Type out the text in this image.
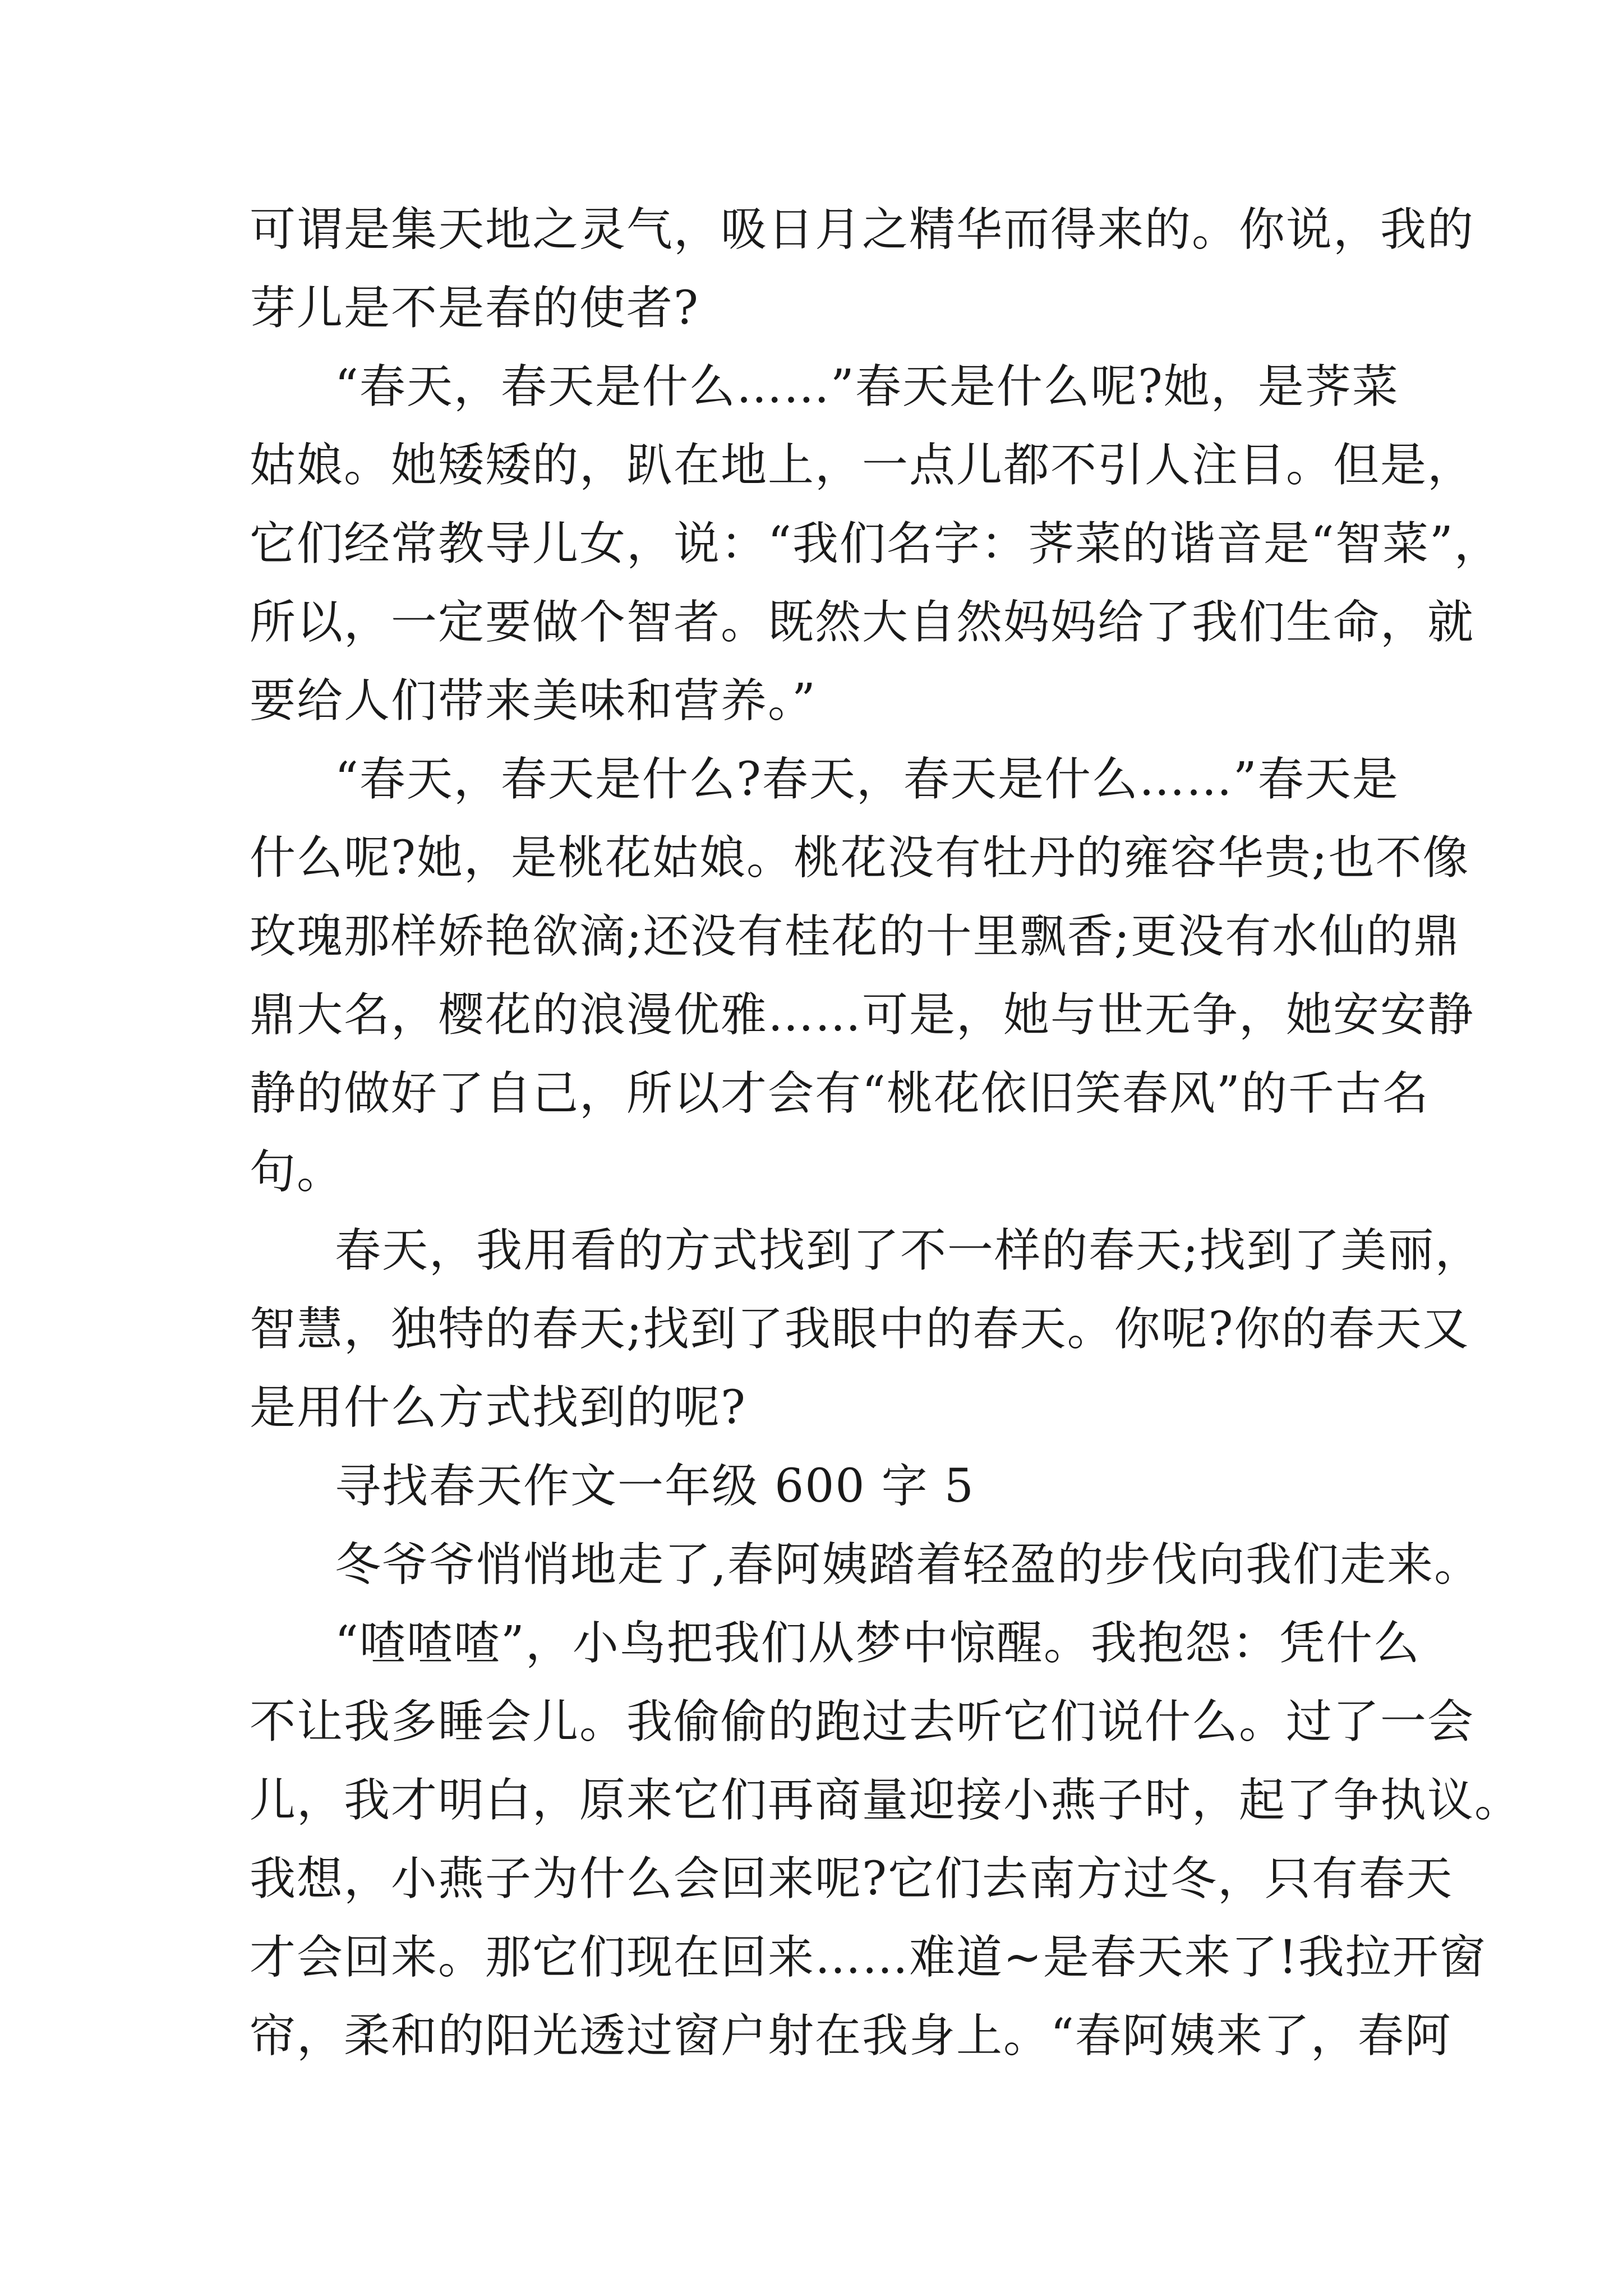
可谓是集天地之灵气，吸日月之精华而得来的。你说，我的
芽儿是不是春的使者?
“春天，春天是什么……”春天是什么呢?她，是荠菜
姑娘。她矮矮的，趴在地上，一点儿都不引人注目。但是，
它们经常教导儿女，说：“我们名字：荠菜的谐音是“智菜”，
所以，一定要做个智者。既然大自然妈妈给了我们生命，就
要给人们带来美味和营养。”
“春天，春天是什么?春天，春天是什么……”春天是
什么呢?她，是桃花姑娘。桃花没有牡丹的雍容华贵;也不像
玫瑰那样娇艳欲滴;还没有桂花的十里飘香;更没有水仙的鼎
鼎大名，樱花的浪漫优雅……可是，她与世无争，她安安静
静的做好了自己，所以才会有“桃花依旧笑春风”的千古名
句。
春天，我用看的方式找到了不一样的春天;找到了美丽，
智慧，独特的春天;找到了我眼中的春天。你呢?你的春天又
是用什么方式找到的呢?
寻找春天作文一年级 600 字 5
冬爷爷悄悄地走了,春阿姨踏着轻盈的步伐向我们走来。
“喳喳喳”，小鸟把我们从梦中惊醒。我抱怨：凭什么
不让我多睡会儿。我偷偷的跑过去听它们说什么。过了一会
儿，我才明白，原来它们再商量迎接小燕子时，起了争执议。
我想，小燕子为什么会回来呢?它们去南方过冬，只有春天
才会回来。那它们现在回来……难道~是春天来了!我拉开窗
帘，柔和的阳光透过窗户射在我身上。“春阿姨来了，春阿
